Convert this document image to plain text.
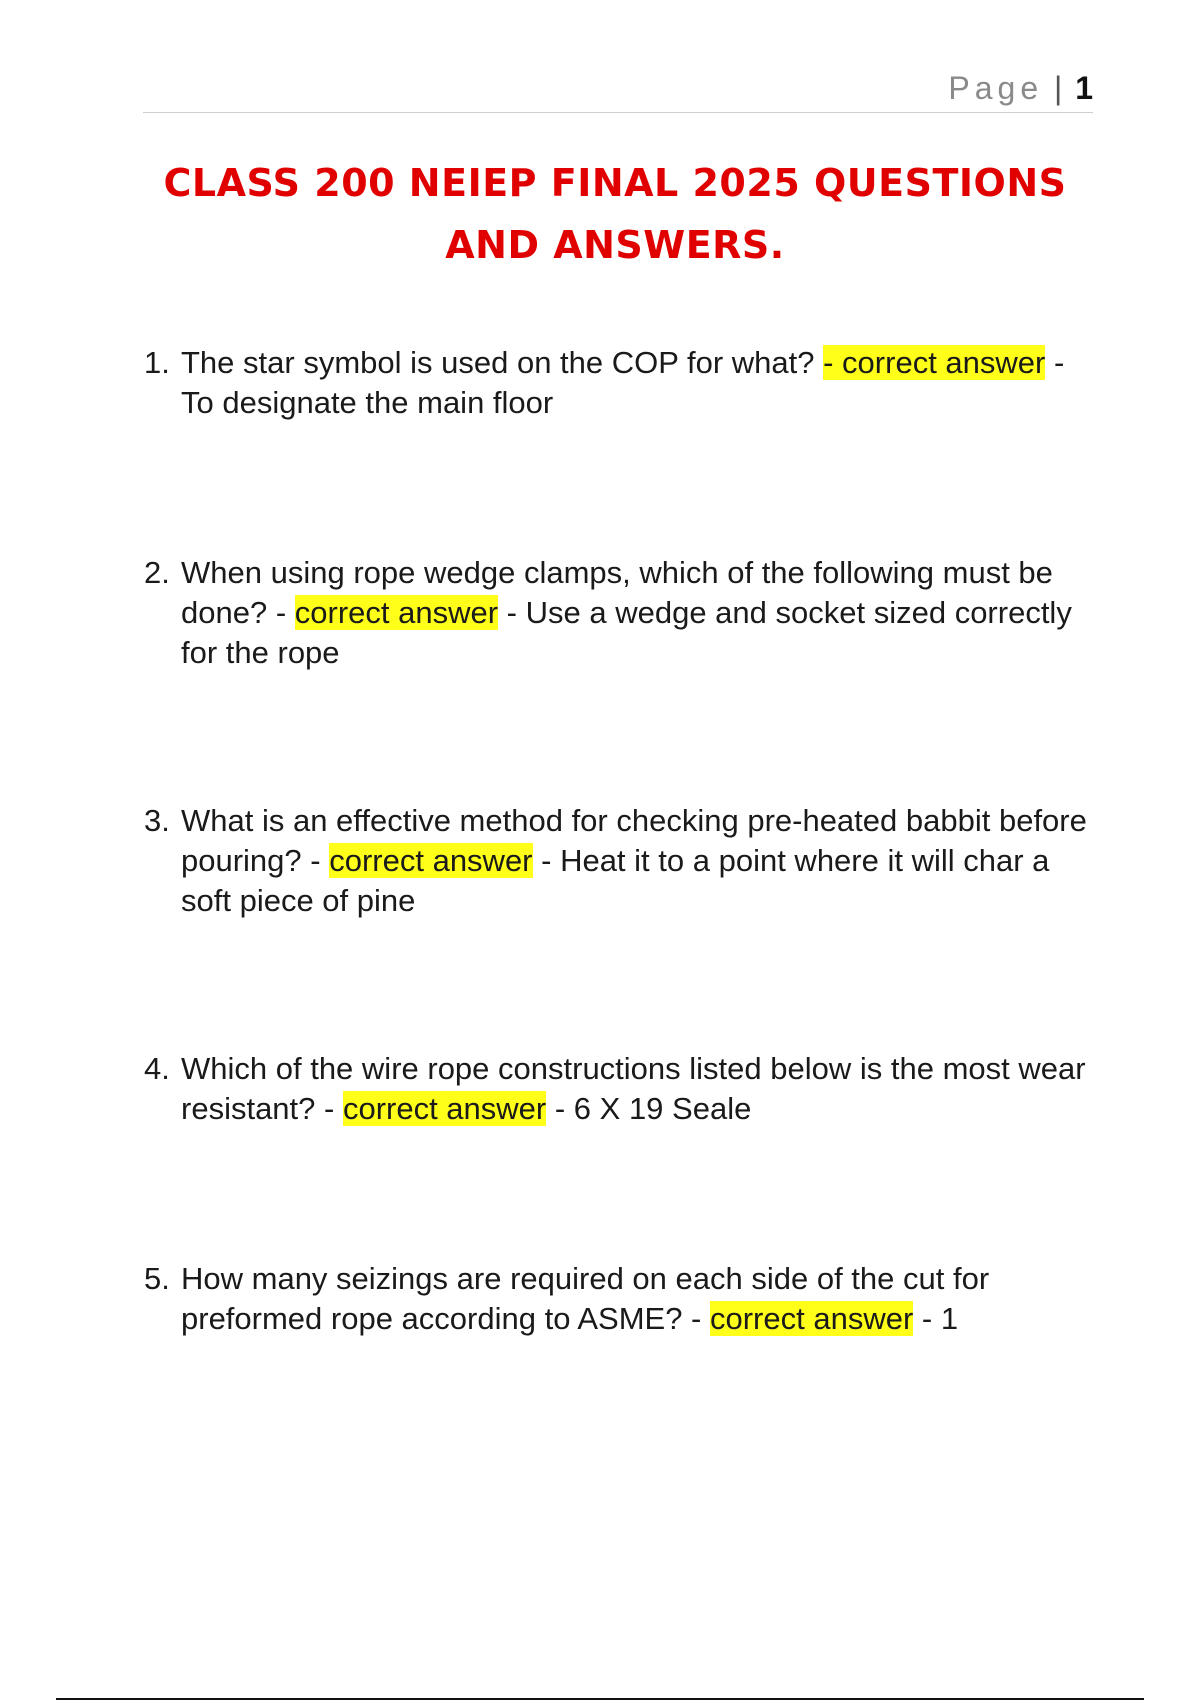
Page | 1
CLASS 200 NEIEP FINAL 2025 QUESTIONS
AND ANSWERS.
1. The star symbol is used on the COP for what? - correct answer - To designate the main floor
2. When using rope wedge clamps, which of the following must be done? - correct answer - Use a wedge and socket sized correctly for the rope
3. What is an effective method for checking pre-heated babbit before pouring? - correct answer - Heat it to a point where it will char a soft piece of pine
4. Which of the wire rope constructions listed below is the most wear resistant? - correct answer - 6 X 19 Seale
5. How many seizings are required on each side of the cut for preformed rope according to ASME? - correct answer - 1
